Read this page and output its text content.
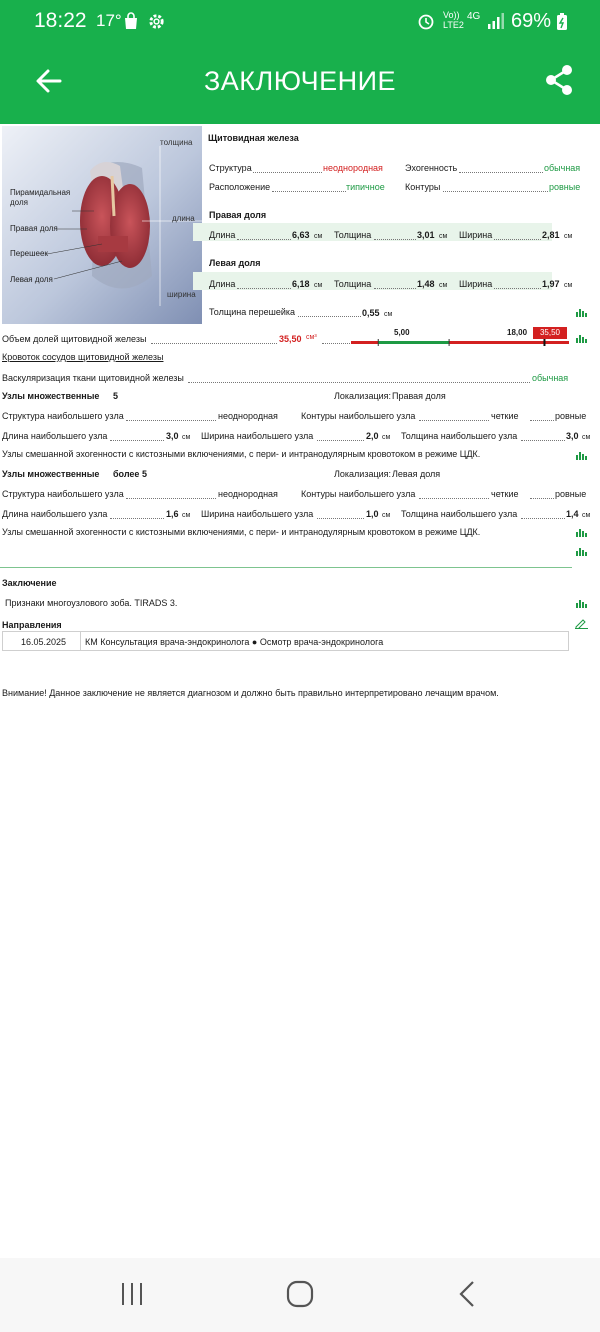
18:22 17°	Vo))
LTE2
4G 69%
ЗАКЛЮЧЕНИЕ
толщина
Пирамидальная
доля
Правая доля
Перешеек
Левая доля
длина
ширина
Щитовидная железа
Структура	неоднородная Эхогенность	обычная
Расположение	типичное Контуры	ровные
Правая доля
Длина	6,63 см Толщина	3,01 см Ширина	2,81 см
Левая доля
Длина	6,18 см Толщина	1,48 см Ширина	1,97 см
Толщина перешейка	0,55 см
Объем долей щитовидной железы	35,50 см³
5,00	18,00	35,50
Кровоток сосудов щитовидной железы
Васкуляризация ткани щитовидной железы	обычная
Узлы множественные 5	Локализация: Правая доля
Структура наибольшего узла	неоднородная	Контуры наибольшего узла	четкие	ровные
Длина наибольшего узла	3,0 см Ширина наибольшего узла	2,0 см Толщина наибольшего узла	3,0 см
Узлы смешанной эхогенности с кистозными включениями, с пери- и интранодулярным кровотоком в режиме ЦДК.
Узлы множественные более 5	Локализация: Левая доля
Структура наибольшего узла	неоднородная	Контуры наибольшего узла	четкие	ровные
Длина наибольшего узла	1,6 см Ширина наибольшего узла	1,0 см Толщина наибольшего узла	1,4 см
Узлы смешанной эхогенности с кистозными включениями, с пери- и интранодулярным кровотоком в режиме ЦДК.
Заключение
Признаки многоузлового зоба. TIRADS 3.
Направления
16.05.2025 КМ Консультация врача-эндокринолога ● Осмотр врача-эндокринолога
Внимание! Данное заключение не является диагнозом и должно быть правильно интерпретировано лечащим врачом.
